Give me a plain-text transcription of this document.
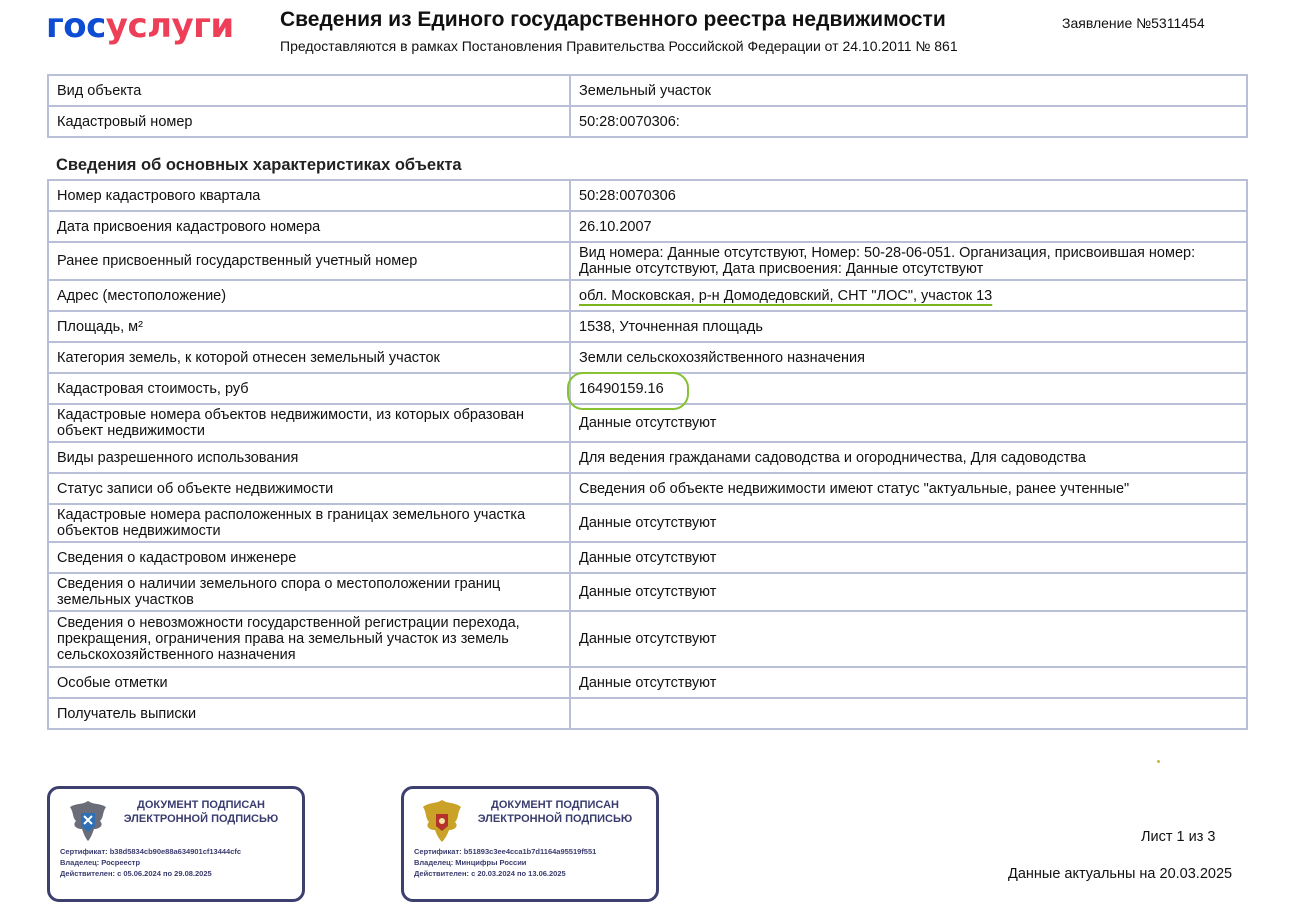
госуслуги Сведения из Единого государственного реестра недвижимости
Предоставляются в рамках Постановления Правительства Российской Федерации от 24.10.2011 № 861
Заявление №5311454
Вид объекта	Земельный участок
Кадастровый номер	50:28:0070306:
Сведения об основных характеристиках объекта
Номер кадастрового квартала	50:28:0070306
Дата присвоения кадастрового номера	26.10.2007
Ранее присвоенный государственный учетный номер	Вид номера: Данные отсутствуют, Номер: 50-28-06-051. Организация, присвоившая номер: Данные отсутствуют, Дата присвоения: Данные отсутствуют
Адрес (местоположение)	обл. Московская, р-н Домодедовский, СНТ "ЛОС", участок 13
Площадь, м²	1538, Уточненная площадь
Категория земель, к которой отнесен земельный участок	Земли сельскохозяйственного назначения
Кадастровая стоимость, руб	16490159.16
Кадастровые номера объектов недвижимости, из которых образован объект недвижимости	Данные отсутствуют
Виды разрешенного использования	Для ведения гражданами садоводства и огородничества, Для садоводства
Статус записи об объекте недвижимости	Сведения об объекте недвижимости имеют статус "актуальные, ранее учтенные"
Кадастровые номера расположенных в границах земельного участка объектов недвижимости	Данные отсутствуют
Сведения о кадастровом инженере	Данные отсутствуют
Сведения о наличии земельного спора о местоположении границ земельных участков	Данные отсутствуют
Сведения о невозможности государственной регистрации перехода, прекращения, ограничения права на земельный участок из земель сельскохозяйственного назначения	Данные отсутствуют
Особые отметки	Данные отсутствуют
Получатель выписки	
ДОКУМЕНТ ПОДПИСАН ЭЛЕКТРОННОЙ ПОДПИСЬЮ
Сертификат: b38d5834cb90e88a634901cf13444cfc
Владелец: Росреестр
Действителен: с 05.06.2024 по 29.08.2025
ДОКУМЕНТ ПОДПИСАН ЭЛЕКТРОННОЙ ПОДПИСЬЮ
Сертификат: b51893c3ee4cca1b7d1164a95519f551
Владелец: Минцифры России
Действителен: с 20.03.2024 по 13.06.2025
Лист 1 из 3
Данные актуальны на 20.03.2025
